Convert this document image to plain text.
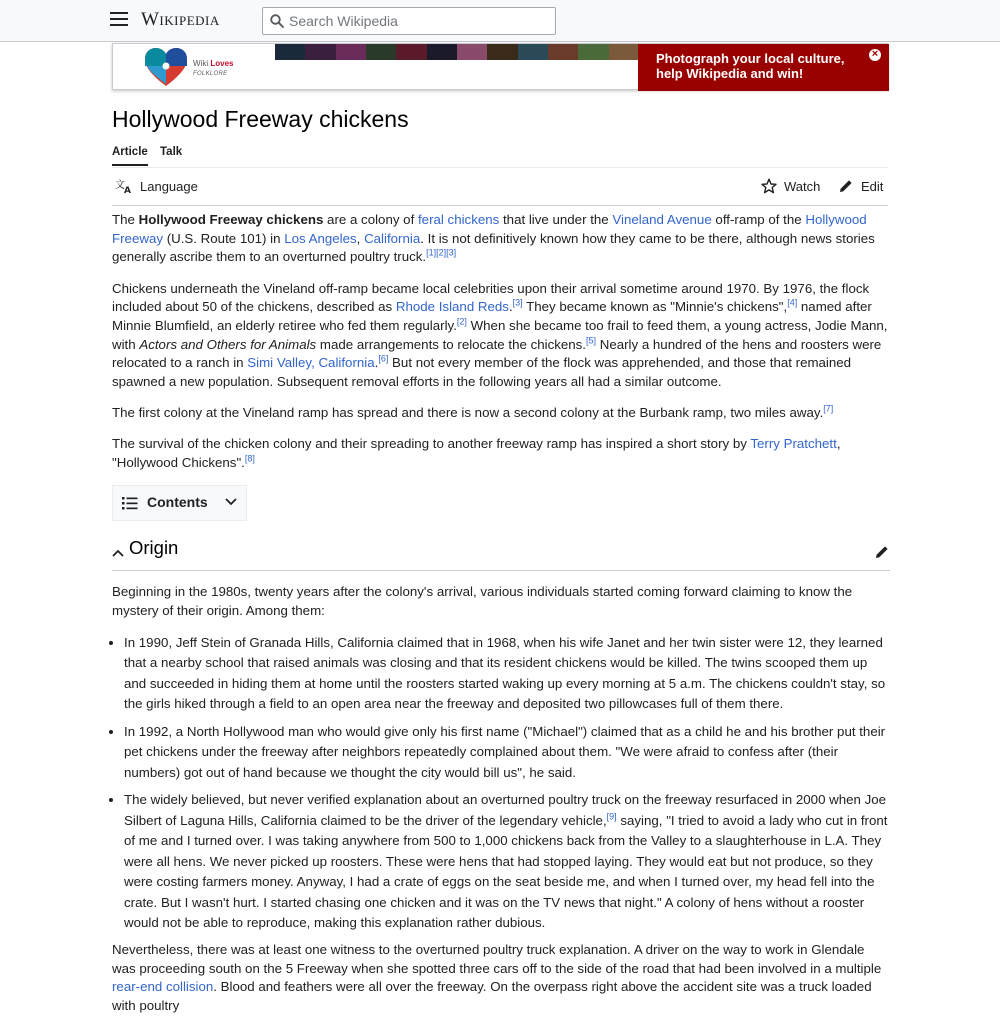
Wikipedia
Search Wikipedia
Wiki Loves
FOLKLORE
Photograph your local culture,
help Wikipedia and win!
×
Hollywood Freeway chickens
Article Talk
文 A Language	Watch	Edit

The Hollywood Freeway chickens are a colony of feral chickens that live under the Vineland Avenue off-ramp of the Hollywood Freeway (U.S. Route 101) in Los Angeles, California. It is not definitively known how they came to be there, although news stories generally ascribe them to an overturned poultry truck.[1][2][3]

Chickens underneath the Vineland off-ramp became local celebrities upon their arrival sometime around 1970. By 1976, the flock included about 50 of the chickens, described as Rhode Island Reds.[3] They became known as "Minnie's chickens",[4] named after Minnie Blumfield, an elderly retiree who fed them regularly.[2] When she became too frail to feed them, a young actress, Jodie Mann, with Actors and Others for Animals made arrangements to relocate the chickens.[5] Nearly a hundred of the hens and roosters were relocated to a ranch in Simi Valley, California.[6] But not every member of the flock was apprehended, and those that remained spawned a new population. Subsequent removal efforts in the following years all had a similar outcome.

The first colony at the Vineland ramp has spread and there is now a second colony at the Burbank ramp, two miles away.[7]

The survival of the chicken colony and their spreading to another freeway ramp has inspired a short story by Terry Pratchett, "Hollywood Chickens".[8]

Contents
Origin

Beginning in the 1980s, twenty years after the colony's arrival, various individuals started coming forward claiming to know the mystery of their origin. Among them:

• In 1990, Jeff Stein of Granada Hills, California claimed that in 1968, when his wife Janet and her twin sister were 12, they learned that a nearby school that raised animals was closing and that its resident chickens would be killed. The twins scooped them up and succeeded in hiding them at home until the roosters started waking up every morning at 5 a.m. The chickens couldn't stay, so the girls hiked through a field to an open area near the freeway and deposited two pillowcases full of them there.
• In 1992, a North Hollywood man who would give only his first name ("Michael") claimed that as a child he and his brother put their pet chickens under the freeway after neighbors repeatedly complained about them. "We were afraid to confess after (their numbers) got out of hand because we thought the city would bill us", he said.
• The widely believed, but never verified explanation about an overturned poultry truck on the freeway resurfaced in 2000 when Joe Silbert of Laguna Hills, California claimed to be the driver of the legendary vehicle,[9] saying, "I tried to avoid a lady who cut in front of me and I turned over. I was taking anywhere from 500 to 1,000 chickens back from the Valley to a slaughterhouse in L.A. They were all hens. We never picked up roosters. These were hens that had stopped laying. They would eat but not produce, so they were costing farmers money. Anyway, I had a crate of eggs on the seat beside me, and when I turned over, my head fell into the crate. But I wasn't hurt. I started chasing one chicken and it was on the TV news that night." A colony of hens without a rooster would not be able to reproduce, making this explanation rather dubious.

Nevertheless, there was at least one witness to the overturned poultry truck explanation. A driver on the way to work in Glendale was proceeding south on the 5 Freeway when she spotted three cars off to the side of the road that had been involved in a multiple rear-end collision. Blood and feathers were all over the freeway. On the overpass right above the accident site was a truck loaded with poultry
